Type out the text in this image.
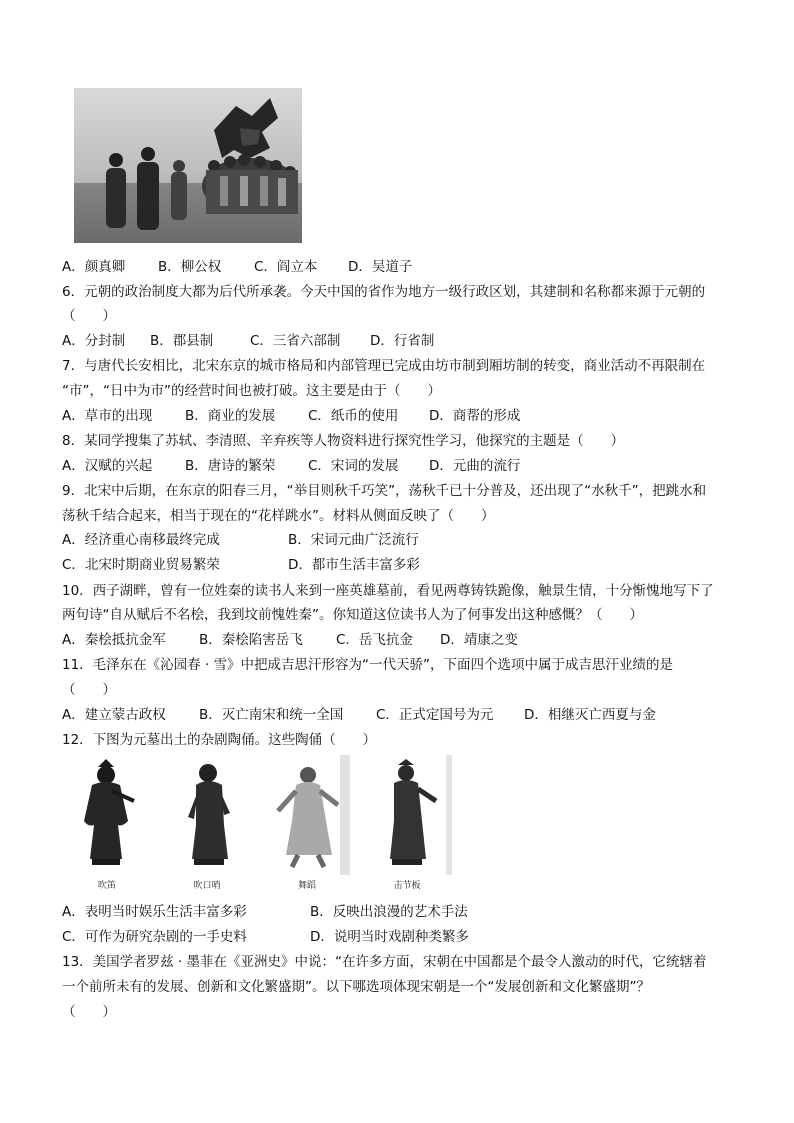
A．颜真卿 B．柳公权 C．阎立本 D．吴道子
6．元朝的政治制度大都为后代所承袭。今天中国的省作为地方一级行政区划，其建制和名称都来源于元朝的
（　　）
A．分封制 B．郡县制	C．三省六部制 D．行省制
7．与唐代长安相比，北宋东京的城市格局和内部管理已完成由坊市制到厢坊制的转变，商业活动不再限制在
“市”，“日中为市”的经营时间也被打破。这主要是由于（　　）
A．草市的出现 B．商业的发展 C．纸币的使用 D．商帮的形成
8．某同学搜集了苏轼、李清照、辛弃疾等人物资料进行探究性学习，他探究的主题是（　　）
A．汉赋的兴起 B．唐诗的繁荣 C．宋词的发展 D．元曲的流行
9．北宋中后期，在东京的阳春三月，“举目则秋千巧笑”，荡秋千已十分普及，还出现了“水秋千”，把跳水和
荡秋千结合起来，相当于现在的“花样跳水”。材料从侧面反映了（　　）
A．经济重心南移最终完成	B．宋词元曲广泛流行
C．北宋时期商业贸易繁荣	D．都市生活丰富多彩
10．西子湖畔，曾有一位姓秦的读书人来到一座英雄墓前，看见两尊铸铁跪像，触景生情，十分惭愧地写下了
两句诗“自从赋后不名桧，我到坟前愧姓秦”。你知道这位读书人为了何事发出这种感慨？（　　）
A．秦桧抵抗金军 B．秦桧陷害岳飞 C．岳飞抗金 D．靖康之变
11．毛泽东在《沁园春 · 雪》中把成吉思汗形容为“一代天骄”，下面四个选项中属于成吉思汗业绩的是
（　　）
A．建立蒙古政权 B．灭亡南宋和统一全国 C．正式定国号为元 D．相继灭亡西夏与金
12．下图为元墓出土的杂剧陶俑。这些陶俑（　　）
吹笛	吹口哨	舞蹈	击节板
A．表明当时娱乐生活丰富多彩	B．反映出浪漫的艺术手法
C．可作为研究杂剧的一手史料	D．说明当时戏剧种类繁多
13．美国学者罗兹 · 墨菲在《亚洲史》中说：“在许多方面，宋朝在中国都是个最令人激动的时代，它统辖着
一个前所未有的发展、创新和文化繁盛期”。以下哪选项体现宋朝是一个“发展创新和文化繁盛期”？
（　　）
